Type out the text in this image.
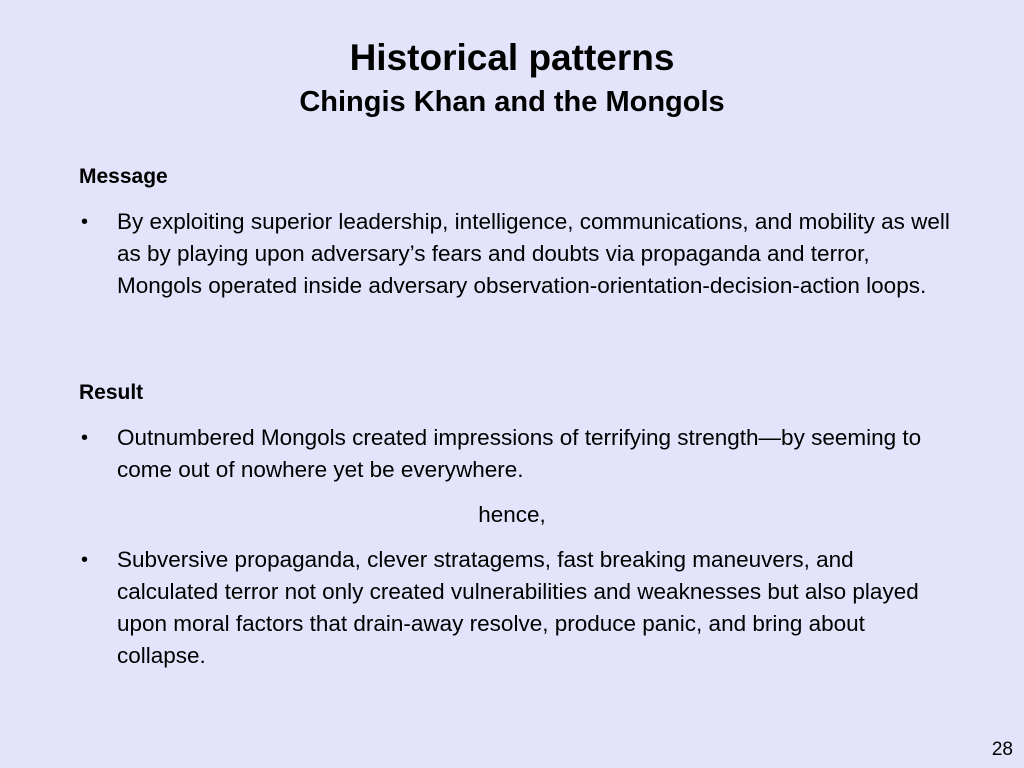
Historical patterns
Chingis Khan and the Mongols
Message
• By exploiting superior leadership, intelligence, communications, and mobility as well as by playing upon adversary’s fears and doubts via propaganda and terror, Mongols operated inside adversary observation-orientation-decision-action loops.
Result
• Outnumbered Mongols created impressions of terrifying strength—by seeming to come out of nowhere yet be everywhere.
hence,
• Subversive propaganda, clever stratagems, fast breaking maneuvers, and calculated terror not only created vulnerabilities and weaknesses but also played upon moral factors that drain-away resolve, produce panic, and bring about collapse.
28
